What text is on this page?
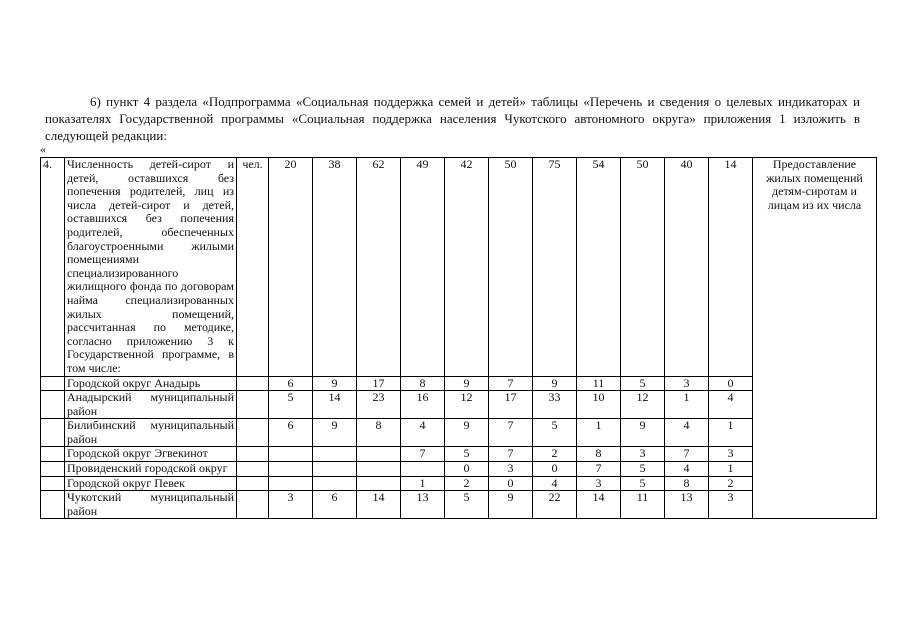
6) пункт 4 раздела «Подпрограмма «Социальная поддержка семей и детей» таблицы «Перечень и сведения о целевых индикаторах и показателях Государственной программы «Социальная поддержка населения Чукотского автономного округа» приложения 1 изложить в следующей редакции:

«
4.	Численность детей-сирот и детей, оставшихся без попечения родителей, лиц из числа детей-сирот и детей, оставшихся без попечения родителей, обеспеченных благоустроенными жилыми помещениями специализированного жилищного фонда по договорам найма специализированных жилых помещений, рассчитанная по методике, согласно приложению 3 к Государственной программе, в том числе:	чел.	20	38	62	49	42	50	75	54	50	40	14	Предоставление жилых помещений детям-сиротам и лицам из их числа
	Городской округ Анадырь		6	9	17	8	9	7	9	11	5	3	0	
	Анадырский муниципальный район		5	14	23	16	12	17	33	10	12	1	4	
	Билибинский муниципальный район		6	9	8	4	9	7	5	1	9	4	1	
	Городской округ Эгвекинот					7	5	7	2	8	3	7	3	
	Провиденский городской округ						0	3	0	7	5	4	1	
	Городской округ Певек					1	2	0	4	3	5	8	2	
	Чукотский муниципальный район		3	6	14	13	5	9	22	14	11	13	3	
